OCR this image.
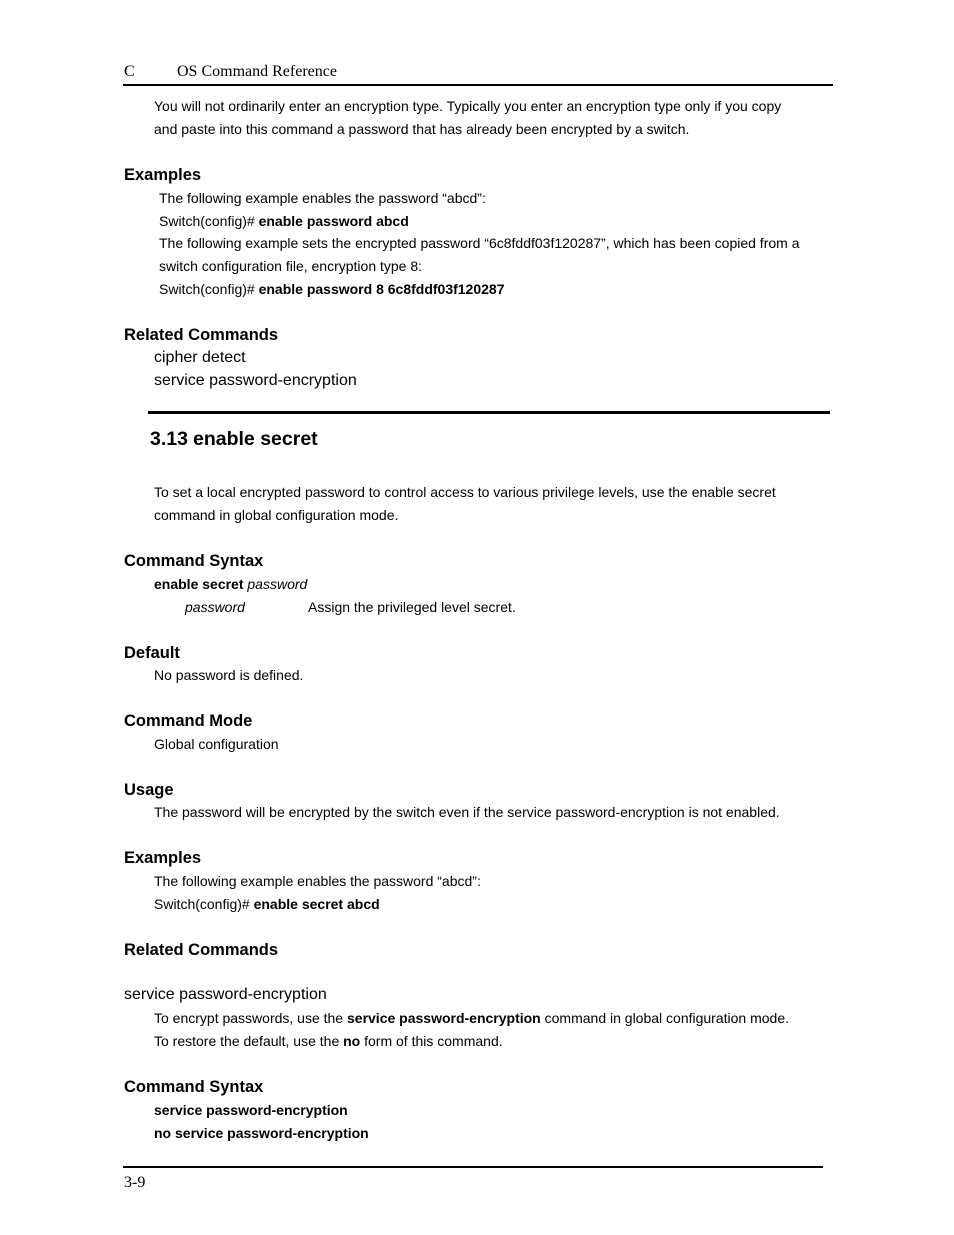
C	OS Command Reference
You will not ordinarily enter an encryption type. Typically you enter an encryption type only if you copy
and paste into this command a password that has already been encrypted by a switch.
Examples
The following example enables the password “abcd”:
Switch(config)# enable password abcd
The following example sets the encrypted password “6c8fddf03f120287”, which has been copied from a
switch configuration file, encryption type 8:
Switch(config)# enable password 8 6c8fddf03f120287
Related Commands
cipher detect
service password-encryption
3.13 enable secret
To set a local encrypted password to control access to various privilege levels, use the enable secret
command in global configuration mode.
Command Syntax
enable secret password
password	Assign the privileged level secret.
Default
No password is defined.
Command Mode
Global configuration
Usage
The password will be encrypted by the switch even if the service password-encryption is not enabled.
Examples
The following example enables the password “abcd”:
Switch(config)# enable secret abcd
Related Commands
service password-encryption
To encrypt passwords, use the service password-encryption command in global configuration mode.
To restore the default, use the no form of this command.
Command Syntax
service password-encryption
no service password-encryption
3-9
